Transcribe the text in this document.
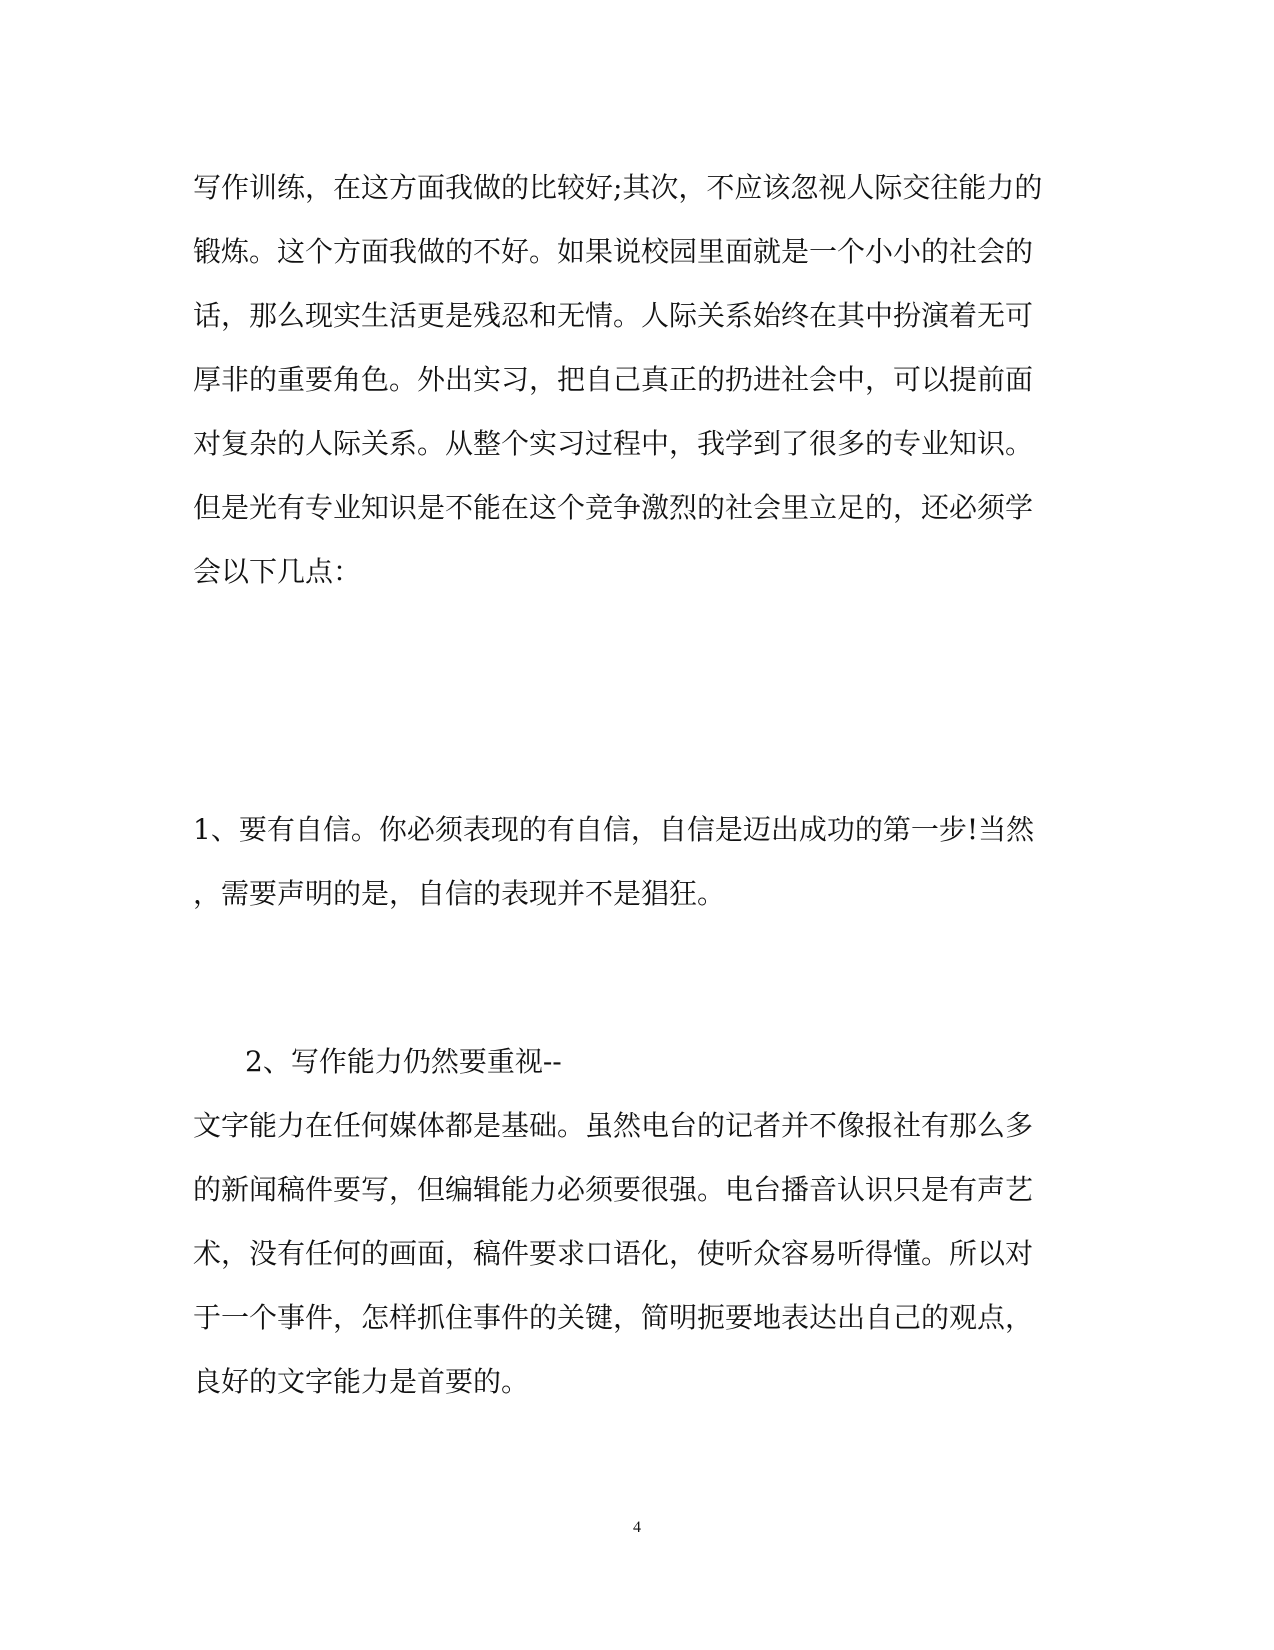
写作训练，在这方面我做的比较好;其次，不应该忽视人际交往能力的
锻炼。这个方面我做的不好。如果说校园里面就是一个小小的社会的
话，那么现实生活更是残忍和无情。人际关系始终在其中扮演着无可
厚非的重要角色。外出实习，把自己真正的扔进社会中，可以提前面
对复杂的人际关系。从整个实习过程中，我学到了很多的专业知识。
但是光有专业知识是不能在这个竞争激烈的社会里立足的，还必须学
会以下几点：
1、要有自信。你必须表现的有自信，自信是迈出成功的第一步!当然
，需要声明的是，自信的表现并不是猖狂。
2、写作能力仍然要重视--
文字能力在任何媒体都是基础。虽然电台的记者并不像报社有那么多
的新闻稿件要写，但编辑能力必须要很强。电台播音认识只是有声艺
术，没有任何的画面，稿件要求口语化，使听众容易听得懂。所以对
于一个事件，怎样抓住事件的关键，简明扼要地表达出自己的观点，
良好的文字能力是首要的。
4
